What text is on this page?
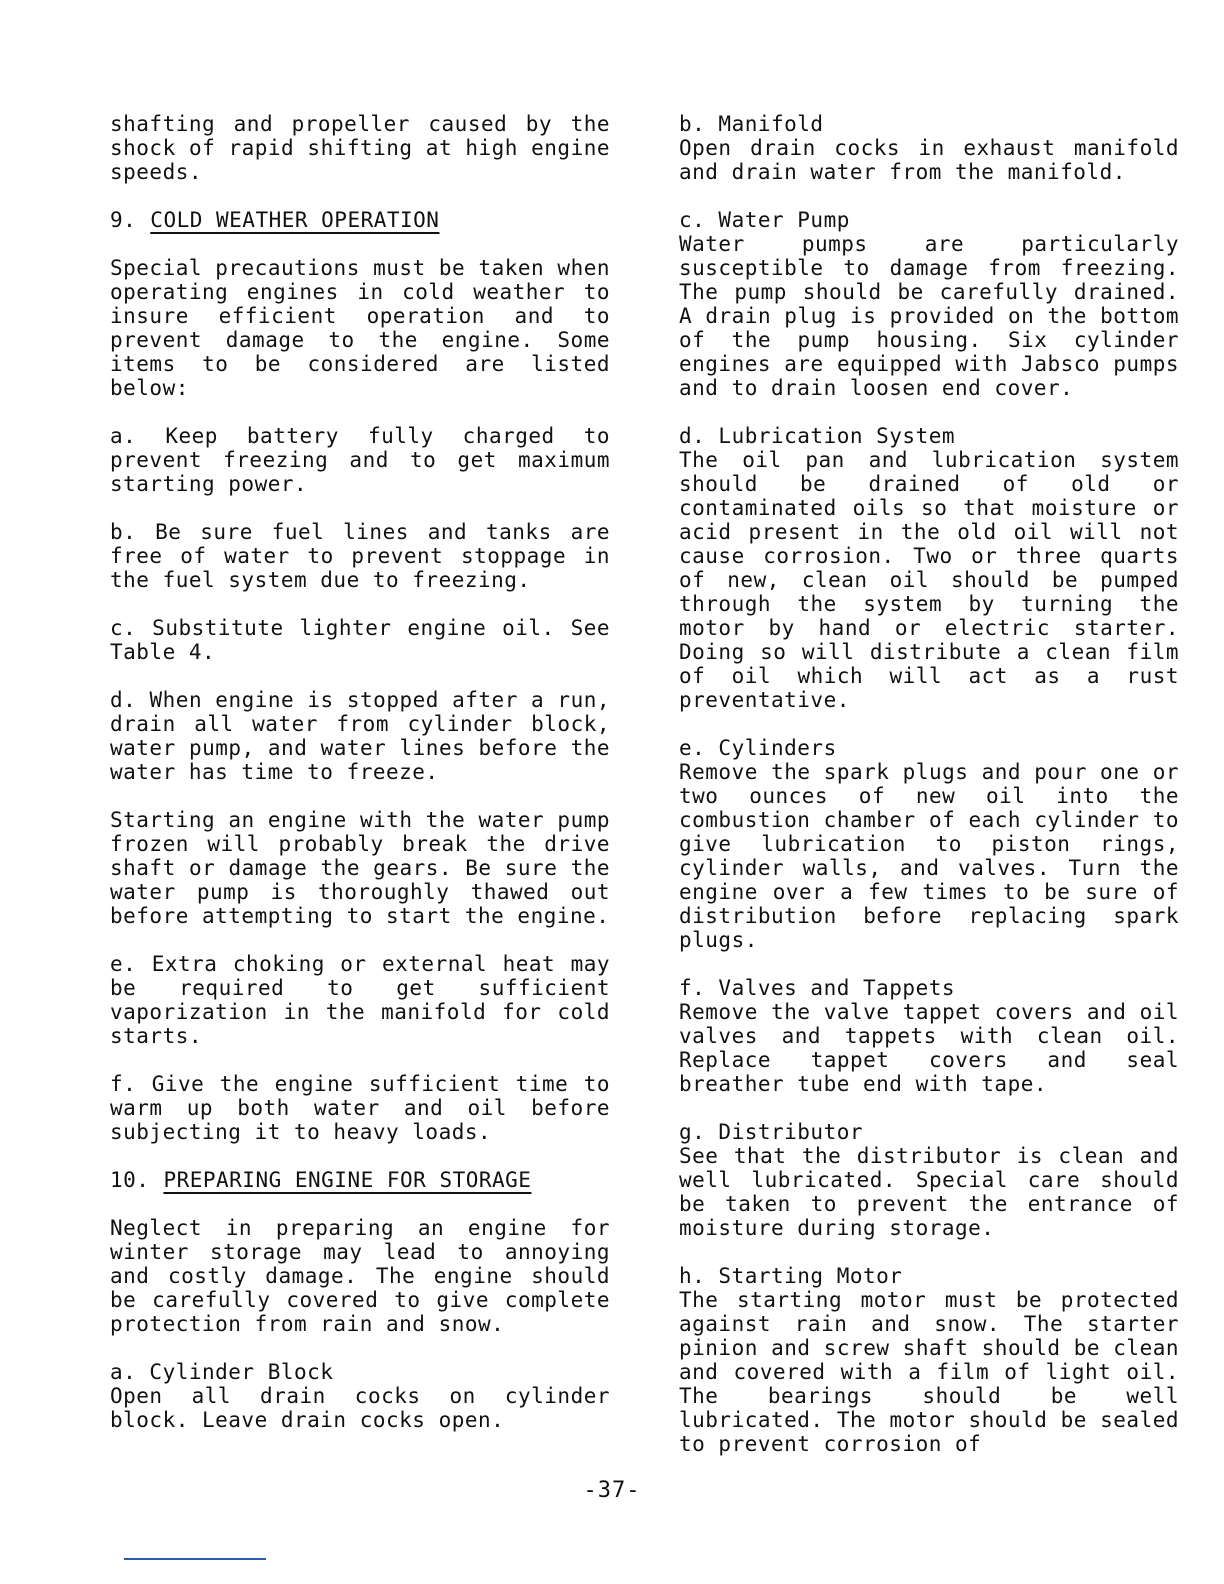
shafting and propeller caused by the shock of rapid shifting at high engine speeds.

9. COLD WEATHER OPERATION

Special precautions must be taken when operating engines in cold weather to insure efficient operation and to prevent damage to the engine. Some items to be considered are listed below:

a. Keep battery fully charged to prevent freezing and to get maximum starting power.

b. Be sure fuel lines and tanks are free of water to prevent stoppage in the fuel system due to freezing.

c. Substitute lighter engine oil. See Table 4.

d. When engine is stopped after a run, drain all water from cylinder block, water pump, and water lines before the water has time to freeze.

Starting an engine with the water pump frozen will probably break the drive shaft or damage the gears. Be sure the water pump is thoroughly thawed out before attempting to start the engine.

e. Extra choking or external heat may be required to get sufficient vaporization in the manifold for cold starts.

f. Give the engine sufficient time to warm up both water and oil before subjecting it to heavy loads.

10. PREPARING ENGINE FOR STORAGE

Neglect in preparing an engine for winter storage may lead to annoying and costly damage. The engine should be carefully covered to give complete protection from rain and snow.

a. Cylinder Block
Open all drain cocks on cylinder block. Leave drain cocks open.
b. Manifold
Open drain cocks in exhaust manifold and drain water from the manifold.
c. Water Pump
Water pumps are particularly susceptible to damage from freezing. The pump should be carefully drained. A drain plug is provided on the bottom of the pump housing. Six cylinder engines are equipped with Jabsco pumps and to drain loosen end cover.
d. Lubrication System
The oil pan and lubrication system should be drained of old or contaminated oils so that moisture or acid present in the old oil will not cause corrosion. Two or three quarts of new, clean oil should be pumped through the system by turning the motor by hand or electric starter. Doing so will distribute a clean film of oil which will act as a rust preventative.
e. Cylinders
Remove the spark plugs and pour one or two ounces of new oil into the combustion chamber of each cylinder to give lubrication to piston rings, cylinder walls, and valves. Turn the engine over a few times to be sure of distribution before replacing spark plugs.
f. Valves and Tappets
Remove the valve tappet covers and oil valves and tappets with clean oil. Replace tappet covers and seal breather tube end with tape.
g. Distributor
See that the distributor is clean and well lubricated. Special care should be taken to prevent the entrance of moisture during storage.
h. Starting Motor
The starting motor must be protected against rain and snow. The starter pinion and screw shaft should be clean and covered with a film of light oil. The bearings should be well lubricated. The motor should be sealed to prevent corrosion of
-37-
